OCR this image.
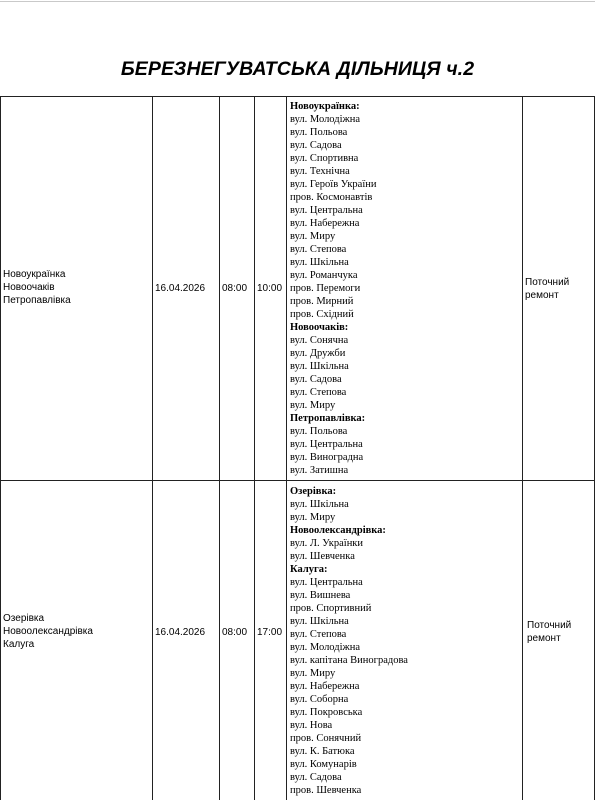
БЕРЕЗНЕГУВАТСЬКА ДІЛЬНИЦЯ ч.2
Новоукраїнка
Новоочаків
Петропавлівка
16.04.2026 08:00 10:00
Новоукраїнка:
вул. Молодіжна
вул. Польова
вул. Садова
вул. Спортивна
вул. Технічна
вул. Героїв України
пров. Космонавтів
вул. Центральна
вул. Набережна
вул. Миру
вул. Степова
вул. Шкільна
вул. Романчука
пров. Перемоги
пров. Мирний
пров. Східний
Новоочаків:
вул. Сонячна
вул. Дружби
вул. Шкільна
вул. Садова
вул. Степова
вул. Миру
Петропавлівка:
вул. Польова
вул. Центральна
вул. Виноградна
вул. Затишна
Поточний
ремонт
Озерівка
Новоолександрівка
Калуга
16.04.2026 08:00 17:00
Озерівка:
вул. Шкільна
вул. Миру
Новоолександрівка:
вул. Л. Українки
вул. Шевченка
Калуга:
вул. Центральна
вул. Вишнева
пров. Спортивний
вул. Шкільна
вул. Степова
вул. Молодіжна
вул. капітана Виноградова
вул. Миру
вул. Набережна
вул. Соборна
вул. Покровська
вул. Нова
пров. Сонячний
вул. К. Батюка
вул. Комунарів
вул. Садова
пров. Шевченка
Поточний
ремонт
